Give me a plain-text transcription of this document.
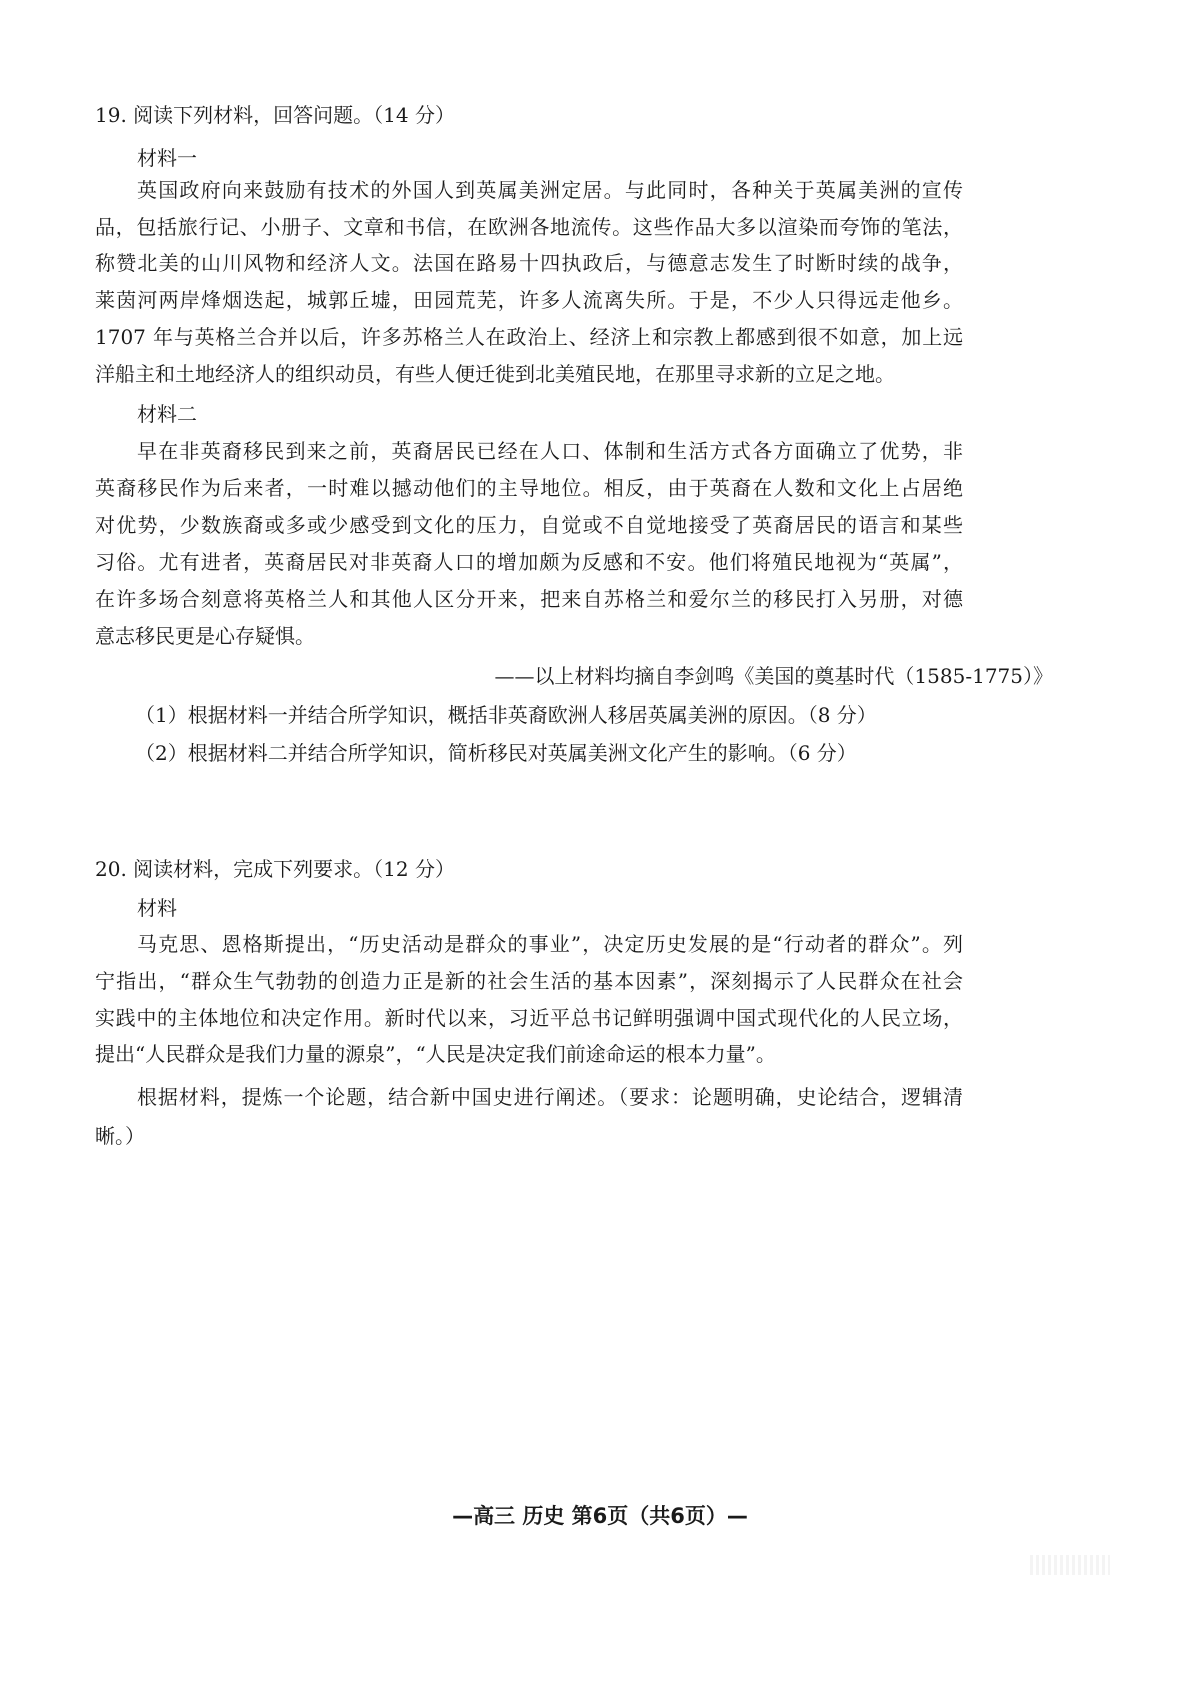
19. 阅读下列材料，回答问题。（14 分）
材料一
英国政府向来鼓励有技术的外国人到英属美洲定居。与此同时，各种关于英属美洲的宣传
品，包括旅行记、小册子、文章和书信，在欧洲各地流传。这些作品大多以渲染而夸饰的笔法，
称赞北美的山川风物和经济人文。法国在路易十四执政后，与德意志发生了时断时续的战争，
莱茵河两岸烽烟迭起，城郭丘墟，田园荒芜，许多人流离失所。于是，不少人只得远走他乡。
1707 年与英格兰合并以后，许多苏格兰人在政治上、经济上和宗教上都感到很不如意，加上远
洋船主和土地经济人的组织动员，有些人便迁徙到北美殖民地，在那里寻求新的立足之地。
材料二
早在非英裔移民到来之前，英裔居民已经在人口、体制和生活方式各方面确立了优势，非
英裔移民作为后来者，一时难以撼动他们的主导地位。相反，由于英裔在人数和文化上占居绝
对优势，少数族裔或多或少感受到文化的压力，自觉或不自觉地接受了英裔居民的语言和某些
习俗。尤有进者，英裔居民对非英裔人口的增加颇为反感和不安。他们将殖民地视为“英属”，
在许多场合刻意将英格兰人和其他人区分开来，把来自苏格兰和爱尔兰的移民打入另册，对德
意志移民更是心存疑惧。
——以上材料均摘自李剑鸣《美国的奠基时代（1585-1775）》
（1）根据材料一并结合所学知识，概括非英裔欧洲人移居英属美洲的原因。（8 分）
（2）根据材料二并结合所学知识，简析移民对英属美洲文化产生的影响。（6 分）
20. 阅读材料，完成下列要求。（12 分）
材料
马克思、恩格斯提出，“历史活动是群众的事业”，决定历史发展的是“行动者的群众”。列
宁指出，“群众生气勃勃的创造力正是新的社会生活的基本因素”，深刻揭示了人民群众在社会
实践中的主体地位和决定作用。新时代以来，习近平总书记鲜明强调中国式现代化的人民立场，
提出“人民群众是我们力量的源泉”，“人民是决定我们前途命运的根本力量”。
根据材料，提炼一个论题，结合新中国史进行阐述。（要求：论题明确，史论结合，逻辑清
晰。）
—高三 历史 第6页（共6页）—
